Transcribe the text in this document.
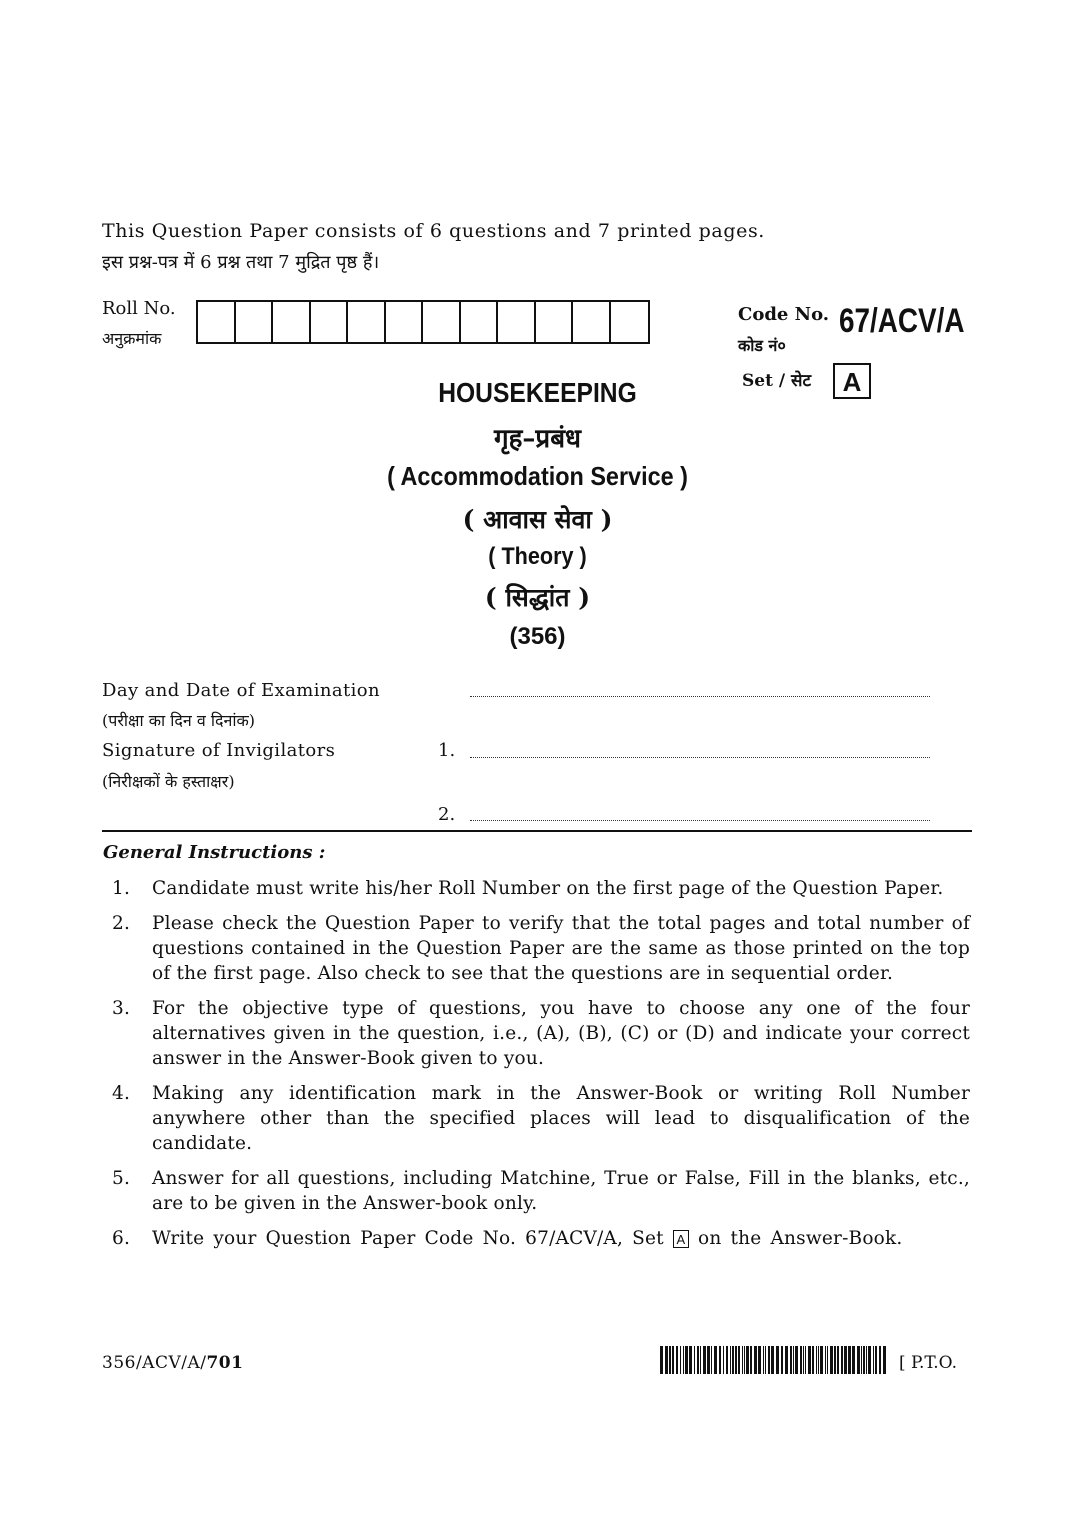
This Question Paper consists of 6 questions and 7 printed pages.
इस प्रश्न-पत्र में 6 प्रश्न तथा 7 मुद्रित पृष्ठ हैं।
Roll No.
अनुक्रमांक
Code No.
कोड नं०
67/ACV/A
Set / सेट	A
HOUSEKEEPING
गृह–प्रबंध
( Accommodation Service )
( आवास सेवा )
( Theory )
( सिद्धांत )
(356)
Day and Date of Examination
(परीक्षा का दिन व दिनांक)
Signature of Invigilators
(निरीक्षकों के हस्ताक्षर)
1.
2.
General Instructions :
1.	Candidate must write his/her Roll Number on the first page of the Question Paper.
2.	Please check the Question Paper to verify that the total pages and total number of questions contained in the Question Paper are the same as those printed on the top of the first page. Also check to see that the questions are in sequential order.
3.	For the objective type of questions, you have to choose any one of the four alternatives given in the question, i.e., (A), (B), (C) or (D) and indicate your correct answer in the Answer-Book given to you.
4.	Making any identification mark in the Answer-Book or writing Roll Number anywhere other than the specified places will lead to disqualification of the candidate.
5.	Answer for all questions, including Matchine, True or False, Fill in the blanks, etc., are to be given in the Answer-book only.
6.	Write your Question Paper Code No. 67/ACV/A, Set A on the Answer-Book.
356/ACV/A/701	[ P.T.O.
